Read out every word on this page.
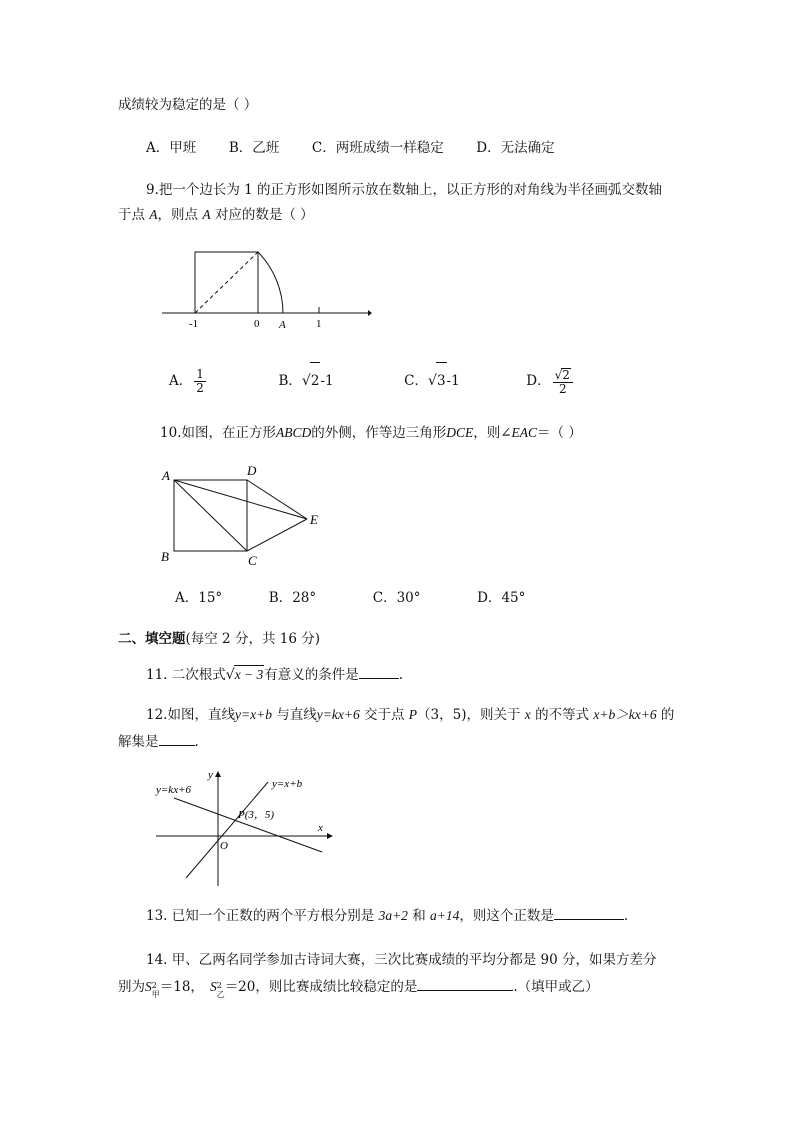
成绩较为稳定的是（ ）
A．甲班 B．乙班 C．两班成绩一样稳定 D．无法确定
9.把一个边长为 1 的正方形如图所示放在数轴上，以正方形的对角线为半径画弧交数轴
于点 A，则点 A 对应的数是（ ）
-1	0 A	1
A． $\frac{1}{2}$	B．√2-1	C．√3-1	D． $\frac{√2}{2}$
10.如图，在正方形ABCD的外侧，作等边三角形DCE，则∠EAC＝（ ）
A	D
E
B	C
A．15°	B．28°	C．30°	D．45°
二、填空题(每空 2 分，共 16 分)
11. 二次根式√x − 3有意义的条件是	.
12.如图，直线y=x+b 与直线y=kx+6 交于点 P（3，5)，则关于 x 的不等式 x+b＞kx+6 的
解集是	.
y
x
O
P(3，5)
y=kx+6	y=x+b
13. 已知一个正数的两个平方根分别是 3a+2 和 a+14，则这个正数是	.
14. 甲、乙两名同学参加古诗词大赛，三次比赛成绩的平均分都是 90 分，如果方差分
别为S 2
甲 ＝18， S 2
乙 ＝20，则比赛成绩比较稳定的是	.（填甲或乙）
